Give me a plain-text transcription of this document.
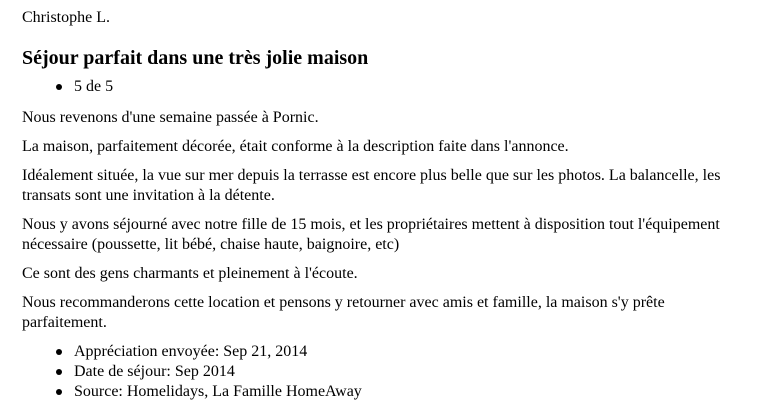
Christophe L.
Séjour parfait dans une très jolie maison
5 de 5

Nous revenons d'une semaine passée à Pornic.

La maison, parfaitement décorée, était conforme à la description faite dans l'annonce.

Idéalement située, la vue sur mer depuis la terrasse est encore plus belle que sur les photos. La balancelle, les transats sont une invitation à la détente.

Nous y avons séjourné avec notre fille de 15 mois, et les propriétaires mettent à disposition tout l'équipement nécessaire (poussette, lit bébé, chaise haute, baignoire, etc)

Ce sont des gens charmants et pleinement à l'écoute.

Nous recommanderons cette location et pensons y retourner avec amis et famille, la maison s'y prête parfaitement.

Appréciation envoyée: Sep 21, 2014
Date de séjour: Sep 2014
Source: Homelidays, La Famille HomeAway
